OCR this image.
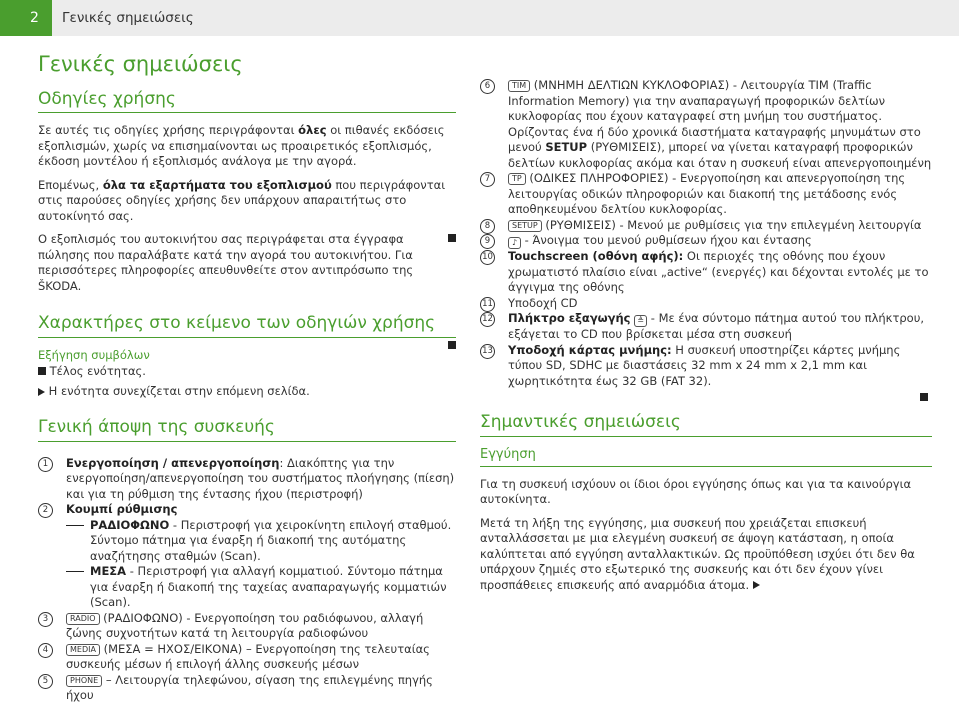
2	Γενικές σημειώσεις
Γενικές σημειώσεις
Οδηγίες χρήσης

Σε αυτές τις οδηγίες χρήσης περιγράφονται όλες οι πιθανές εκδόσεις εξοπλισμών, χωρίς να επισημαίνονται ως προαιρετικός εξοπλισμός, έκδοση μοντέλου ή εξοπλισμός ανάλογα με την αγορά.

Επομένως, όλα τα εξαρτήματα του εξοπλισμού που περιγράφονται στις παρούσες οδηγίες χρήσης δεν υπάρχουν απαραιτήτως στο αυτοκίνητό σας.

Ο εξοπλισμός του αυτοκινήτου σας περιγράφεται στα έγγραφα πώλησης που παραλάβατε κατά την αγορά του αυτοκινήτου. Για περισσότερες πληροφορίες απευθυνθείτε στον αντιπρόσωπο της ŠKODA.

Χαρακτήρες στο κείμενο των οδηγιών χρήσης

Εξήγηση συμβόλων

Τέλος ενότητας.

Η ενότητα συνεχίζεται στην επόμενη σελίδα.

Γενική άποψη της συσκευής
1	Ενεργοποίηση / απενεργοποίηση: Διακόπτης για την ενεργοποίηση/απενεργοποίηση του συστήματος πλοήγησης (πίεση) και για τη ρύθμιση της έντασης ήχου (περιστροφή)
2	Κουμπί ρύθμισης
ΡΑΔΙΟΦΩΝΟ - Περιστροφή για χειροκίνητη επιλογή σταθμού. Σύντομο πάτημα για έναρξη ή διακοπή της αυτόματης αναζήτησης σταθμών (Scan).
ΜΕΣΑ - Περιστροφή για αλλαγή κομματιού. Σύντομο πάτημα για έναρξη ή διακοπή της ταχείας αναπαραγωγής κομματιών (Scan).
3	RADIO (ΡΑΔΙΟΦΩΝΟ) - Ενεργοποίηση του ραδιόφωνου, αλλαγή ζώνης συχνοτήτων κατά τη λειτουργία ραδιοφώνου
4	MEDIA (ΜΕΣΑ = ΗΧΟΣ/ΕΙΚΟΝΑ) – Ενεργοποίηση της τελευταίας συσκευής μέσων ή επιλογή άλλης συσκευής μέσων
5	PHONE – Λειτουργία τηλεφώνου, σίγαση της επιλεγμένης πηγής ήχου
6	TIM (ΜΝΗΜΗ ΔΕΛΤΙΩΝ ΚΥΚΛΟΦΟΡΙΑΣ) - Λειτουργία TIM (Traffic Information Memory) για την αναπαραγωγή προφορικών δελτίων κυκλοφορίας που έχουν καταγραφεί στη μνήμη του συστήματος. Ορίζοντας ένα ή δύο χρονικά διαστήματα καταγραφής μηνυμάτων στο μενού SETUP (ΡΥΘΜΙΣΕΙΣ), μπορεί να γίνεται καταγραφή προφορικών δελτίων κυκλοφορίας ακόμα και όταν η συσκευή είναι απενεργοποιημένη
7	TP (ΟΔΙΚΕΣ ΠΛΗΡΟΦΟΡΙΕΣ) - Ενεργοποίηση και απενεργοποίηση της λειτουργίας οδικών πληροφοριών και διακοπή της μετάδοσης ενός αποθηκευμένου δελτίου κυκλοφορίας.
8	SETUP (ΡΥΘΜΙΣΕΙΣ) - Μενού με ρυθμίσεις για την επιλεγμένη λειτουργία
9	♪ - Άνοιγμα του μενού ρυθμίσεων ήχου και έντασης
10 Touchscreen (οθόνη αφής): Οι περιοχές της οθόνης που έχουν χρωματιστό πλαίσιο είναι „active“ (ενεργές) και δέχονται εντολές με το άγγιγμα της οθόνης
11 Υποδοχή CD
12 Πλήκτρο εξαγωγής ≜ - Με ένα σύντομο πάτημα αυτού του πλήκτρου, εξάγεται το CD που βρίσκεται μέσα στη συσκευή
13 Υποδοχή κάρτας μνήμης: Η συσκευή υποστηρίζει κάρτες μνήμης τύπου SD, SDHC με διαστάσεις 32 mm x 24 mm x 2,1 mm και χωρητικότητα έως 32 GB (FAT 32).
Σημαντικές σημειώσεις

Εγγύηση

Για τη συσκευή ισχύουν οι ίδιοι όροι εγγύησης όπως και για τα καινούργια αυτοκίνητα.

Μετά τη λήξη της εγγύησης, μια συσκευή που χρειάζεται επισκευή ανταλλάσσεται με μια ελεγμένη συσκευή σε άψογη κατάσταση, η οποία καλύπτεται από εγγύηση ανταλλακτικών. Ως προϋπόθεση ισχύει ότι δεν θα υπάρχουν ζημιές στο εξωτερικό της συσκευής και ότι δεν έχουν γίνει προσπάθειες επισκευής από αναρμόδια άτομα.
